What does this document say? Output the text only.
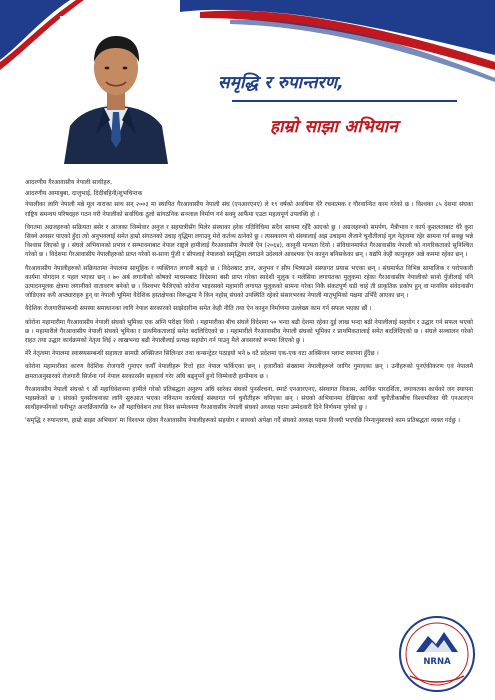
समृद्धि र रुपान्तरण,
हाम्रो साझा अभियान

आदरणीय गैरआवासीय नेपाली साथीहरु,

आदरणीय आमाबुबा, दाजुभाई, दिदीबहिनी/शुभचिन्तक

नेपालीका लागि नेपाली मन्ने मूल नाराका साथ सन् २००३ मा स्थापित गैरआवासीय नेपाली संघ (एनआरएनए) ले १९ वर्षको अवधिमा धेरै रचनात्मक र गौरवान्वित काम गरेको छ । विश्वका ८५ देशमा संघका राष्ट्रिय समन्वय परिषदहरु गठन गरी नेपालीको सर्वाधिक ठूलो सांगठनिक सञ्जाल निर्माण गर्न सक्नु आफैंमा एउटा महत्वपूर्ण उपलब्धि हो ।

विगतमा अग्रजहरुको सक्रियता बसेर र आजका जिम्मेवार अनुज र सहयात्रीसँग मिलेर संस्थाका हरेक गतिविधिमा सदैव साथमा रहेँदै आएको छु । अग्रजहरुको समर्पण, मैत्रीभाव र कार्य कुशलताबाट धेरै कुरा सिक्ने अवसर पाएको हुँदा त्यो अनुभवलाई समेत हाम्रो संगठनको उचाइ वृद्धिमा लगाउनु मेरो कर्तव्य ठानेको छु । त्यसकारण यो संस्थालाई अझ उचाइमा लैजाने चुनौतीलाई मूल नेतृत्वमा रहेर सामना गर्न सक्छु भन्ने विश्वास लिएको छु । संघले अभियानको प्रभाव र सम्भावनाबाट नेपाल राष्ट्रले हामीलाई गैरआवासीय नेपाली ऐन (२०६४), कानुनी मान्यता दियो । संविधानमार्फत गैरआवासीय नेपाली को नागरिकताको सुनिश्चित गरेको छ । विदेशमा गैरआवासीय नेपालीहरुको प्राप्त गरेको स-साना पुँजी र सीपलाई नेपालको समृद्धिमा लगाउने उदेश्यले आवश्यक ऐन कानुन बनिसकेका छन् । यद्यपि केही कानुनहरु अन्ने कममा रहेका छन् ।

गैरआवासीय नेपालीहरुको सक्रियतामा नेपालमा सामूहिक र व्यक्तिगत लगानी बढ्दो छ । विदेशबाट ज्ञान, अनुभव र सीप भित्र्याउने संस्थागत प्रयास भएका छन् । संघमार्फत विभिन्न सामाजिक र परोपकारी कार्यमा योगदान र पहल भएका छन् । ७० अर्ब लगानीको कोषको माध्यमबाट विदेशमा बसी प्राप्त गरेका स्वदेशी मुलुक र मलेसिया लगायतका मुलुकमा रहेका गैरआवासीय नेपालीको सानो पुँजीलाई पनि उत्पादनमूलक क्षेत्रमा लगानीको वातावरण बनेको छ । विश्वभर फैलिएको कोरोना भाइरसको महामारी लगायत मुलुकको सामना गरेका निकै संकटपूर्ण घडी चाहे ती प्राकृतिक प्रकोप हुन् वा मानविय संवेदनासँग जोडिएका कथै अप्ठ्याराहरु हुन् वा नेपाली भूमिमा वैदेशिक हस्तक्षेपका विरूद्धमा नै किन नहोस् संघको उपस्थिति रहेको संसारभरका नेपाली मातृभूमिको पक्षमा उभिँदै आएका छन् ।

वैदेशिक रोजगारीसम्बन्धी समस्या समाधानका लागि नेपाल सरकारको साझेदारीमा समेत केही नीति तथा ऐन कानुन निर्माणमा उल्लेख्य काम गर्न सफल भएका छौं ।

कोरोना महामारीमा गैरआवासीय नेपाली संघको भूमिका एक अग्नि परीक्षा थियो । महामारीका बीच संघले विदेशमा ५० भन्दा बढी देशमा रहेका दुई लाख भन्दा बढी नेपालीलाई सहयोग र उद्धार गर्न सफल भएको छ । महामारीले गैरआवासीय नेपाली संघको भूमिका र प्राथमिकतालाई समेत बदलिदिएको छ । महामारीले गैरआवासीय नेपाली संघको भूमिका र प्राथमिकतालाई समेत बदलिदिएको छ । संघले सञ्चालन गरेको राहत तथा उद्धार कार्यक्रमको नेतृत्व लिई २ लाखभन्दा बढी नेपालीलाई प्रत्यक्ष सहयोग गर्न पाउनु मैले अवसरको रूपमा लिएको छु ।

मेरै नेतृत्वमा नेपालमा स्वास्थ्यसम्बन्धी सहायता सामग्री अक्सिजन सिलिन्डर तथा कन्सन्ट्रेटर पठाइयो भने ७ वटै प्रदेशमा एक-एक वटा अक्सिजन प्लान्ट स्थापना हुँदैछ ।

कोरोना महामारीका कारण वैदेशिक रोजगारी गुमाएर कयौँ नेपालीहरू रित्तो हात नेपाल फर्किएका छन् । हजारौंको संख्यामा नेपालीहरूले जागिर गुमाएका छन् । उनीहरुको पुनर्एकीकरण एवं नेपालमै क्षमताअनुसारको रोजगारी सिर्जना गर्न नेपाल सरकारसँग सहकार्य गरेर अघि बढ्नुपर्ने हुनो जिम्मेवारी हामीमाथ छ ।

गैरआवासीय नेपाली संघको ९ औं महाधिवेशनमा हामीले गरेको प्रतिबद्धता अनुरुप अधि सारेका संघको पुनर्संरचना, स्मार्ट एनआरएनए, संस्थागत विकास, आर्थिक पारदर्शिता, लगायतका कार्यको जग स्थापना भइसकेको छ । संघको पुनर्संरचनाका लागि सुरुआत भएका नविनतम कार्यलाई संस्थागत गर्न चुनौतीहरू थपिएका छन् । संघको अभियानमा देखिएका कयौं चुनौतीकाबीच विश्वभरिका धेरै एनआरएन साथीहरूसँगको घनीभूत अन्तर्क्रियापछि १० औं महाधिवेशन तथा विश्व सम्मेलनमा गैरआवासीय नेपाली संघको अध्यक्ष पदमा उम्मेदवारी दिने निर्णयमा पुगेको छु ।

'समृद्धि र रुपान्तरण, हाम्रो साझा अभियान' मा विश्वभर रहेका गैरआवासीय नेपालीहरूको सहयोग र साथको अपेक्षा गर्दै संघको अध्यक्ष पदमा विजयी भएपछि निम्नानुसारको काम प्रतिबद्धता व्यक्त गर्दछु ।

NRNA
